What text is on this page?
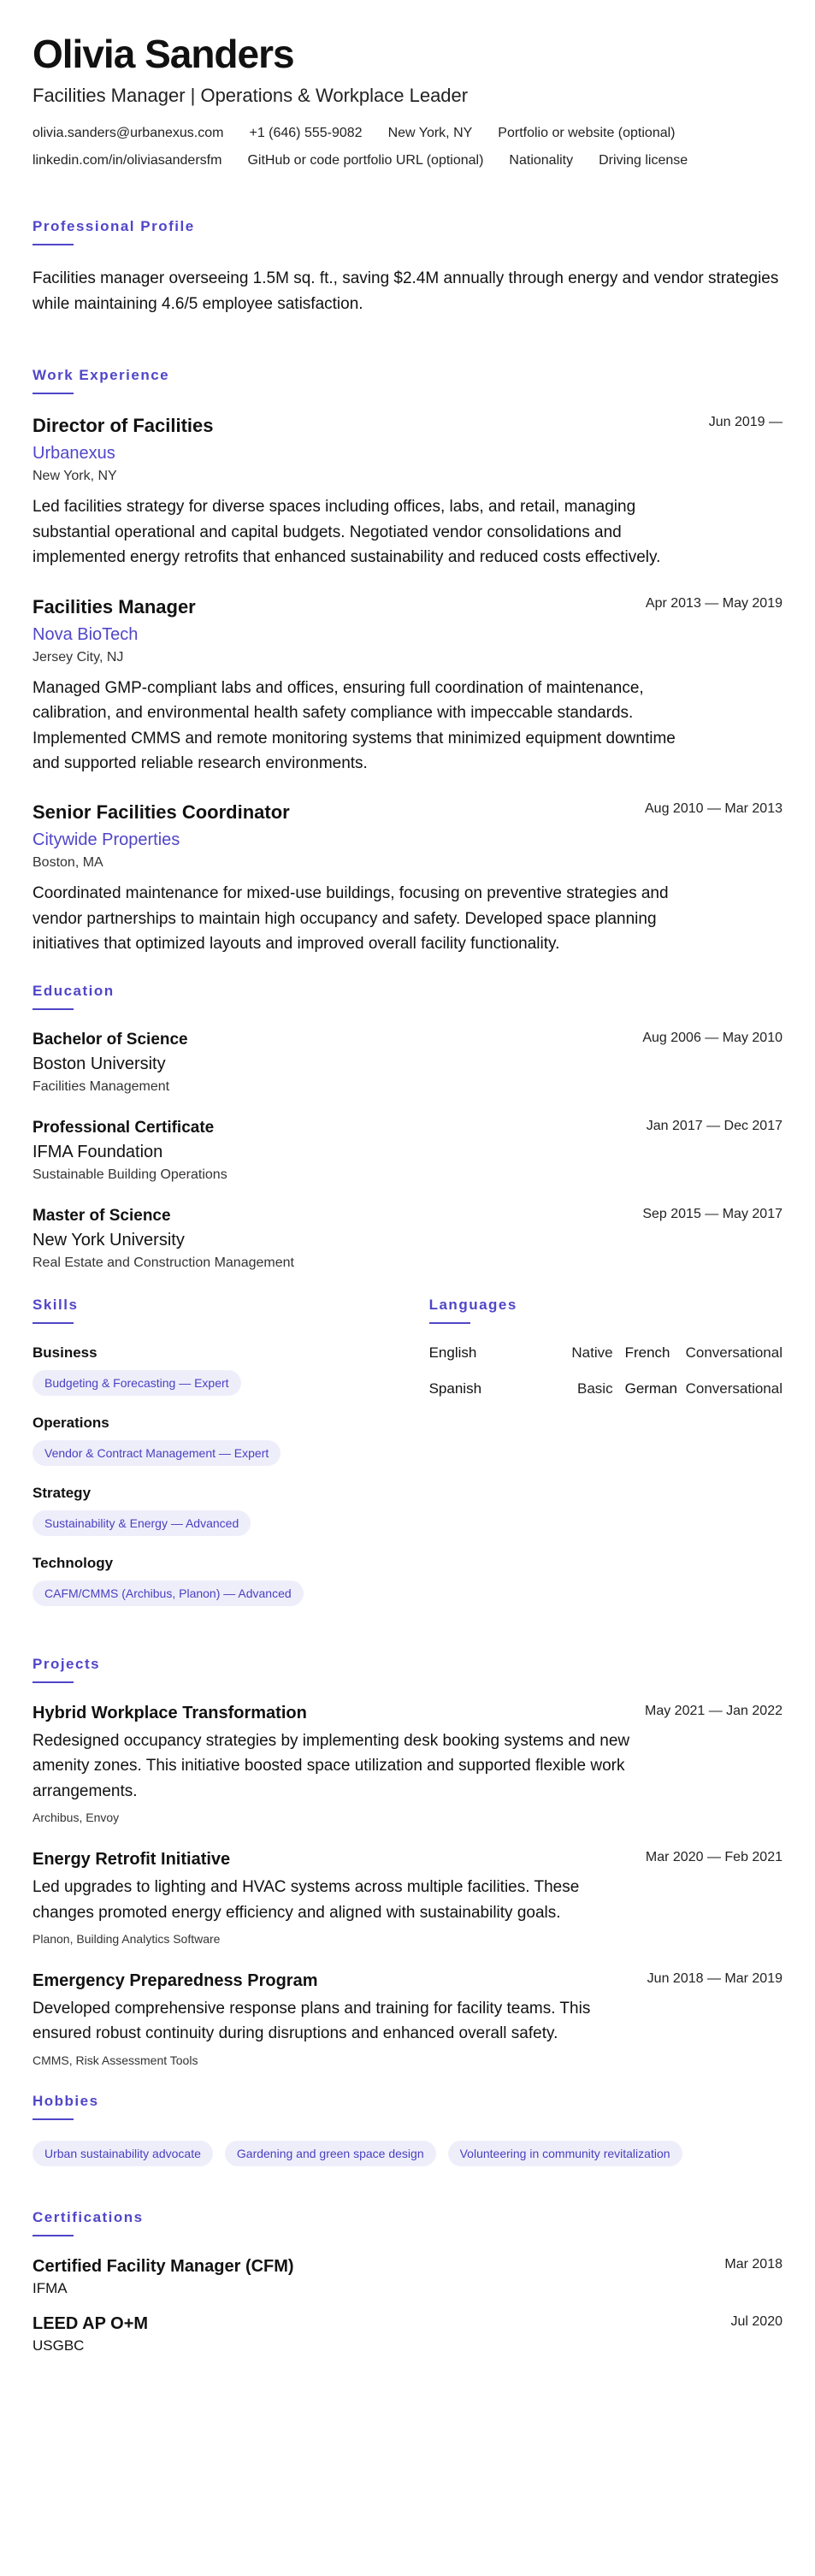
Olivia Sanders
Facilities Manager | Operations & Workplace Leader
olivia.sanders@urbanexus.com +1 (646) 555-9082 New York, NY Portfolio or website (optional)
linkedin.com/in/oliviasandersfm GitHub or code portfolio URL (optional) Nationality Driving license
Professional Profile

Facilities manager overseeing 1.5M sq. ft., saving $2.4M annually through energy and vendor strategies while maintaining 4.6/5 employee satisfaction.

Work Experience
Director of Facilities	Jun 2019 —
Urbanexus
New York, NY
Led facilities strategy for diverse spaces including offices, labs, and retail, managing substantial operational and capital budgets. Negotiated vendor consolidations and implemented energy retrofits that enhanced sustainability and reduced costs effectively.
Facilities Manager	Apr 2013 — May 2019
Nova BioTech
Jersey City, NJ
Managed GMP-compliant labs and offices, ensuring full coordination of maintenance, calibration, and environmental health safety compliance with impeccable standards. Implemented CMMS and remote monitoring systems that minimized equipment downtime and supported reliable research environments.
Senior Facilities Coordinator	Aug 2010 — Mar 2013
Citywide Properties
Boston, MA
Coordinated maintenance for mixed-use buildings, focusing on preventive strategies and vendor partnerships to maintain high occupancy and safety. Developed space planning initiatives that optimized layouts and improved overall facility functionality.
Education
Bachelor of Science	Aug 2006 — May 2010
Boston University
Facilities Management
Professional Certificate	Jan 2017 — Dec 2017
IFMA Foundation
Sustainable Building Operations
Master of Science	Sep 2015 — May 2017
New York University
Real Estate and Construction Management
Skills
Business
Budgeting & Forecasting — Expert
Operations
Vendor & Contract Management — Expert
Strategy
Sustainability & Energy — Advanced
Technology
CAFM/CMMS (Archibus, Planon) — Advanced
Languages
English	Native French	Conversational
Spanish	Basic German Conversational
Projects
Hybrid Workplace Transformation	May 2021 — Jan 2022
Redesigned occupancy strategies by implementing desk booking systems and new amenity zones. This initiative boosted space utilization and supported flexible work arrangements.
Archibus, Envoy
Energy Retrofit Initiative	Mar 2020 — Feb 2021
Led upgrades to lighting and HVAC systems across multiple facilities. These changes promoted energy efficiency and aligned with sustainability goals.
Planon, Building Analytics Software
Emergency Preparedness Program	Jun 2018 — Mar 2019
Developed comprehensive response plans and training for facility teams. This ensured robust continuity during disruptions and enhanced overall safety.
CMMS, Risk Assessment Tools
Hobbies
Urban sustainability advocate	Gardening and green space design	Volunteering in community revitalization
Certifications
Certified Facility Manager (CFM)	Mar 2018
IFMA
LEED AP O+M	Jul 2020
USGBC
